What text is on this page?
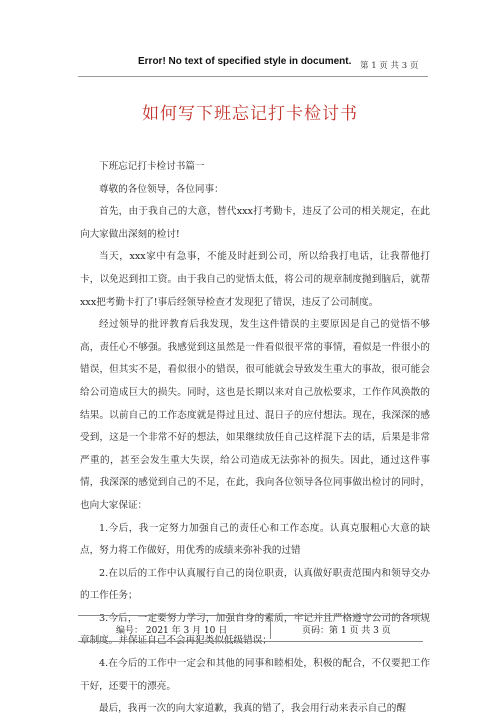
Error! No text of specified style in document.	第 1 页 共 3 页
如何写下班忘记打卡检讨书

下班忘记打卡检讨书篇一

尊敬的各位领导，各位同事：

首先，由于我自己的大意，替代xxx打考勤卡，违反了公司的相关规定，在此向大家做出深刻的检讨!

当天，xxx家中有急事，不能及时赶到公司，所以给我打电话，让我帮他打卡，以免迟到扣工资。由于我自己的觉悟太低，将公司的规章制度抛到脑后，就帮xxx把考勤卡打了!事后经领导检查才发现犯了错误，违反了公司制度。

经过领导的批评教育后我发现，发生这件错误的主要原因是自己的觉悟不够高，责任心不够强。我感觉到这虽然是一件看似很平常的事情，看似是一件很小的错误，但其实不是，看似很小的错误，很可能就会导致发生重大的事故，很可能会给公司造成巨大的损失。同时，这也是长期以来对自己放松要求，工作作风涣散的结果。以前自己的工作态度就是得过且过、混日子的应付想法。现在，我深深的感受到，这是一个非常不好的想法，如果继续放任自己这样混下去的话，后果是非常严重的，甚至会发生重大失误，给公司造成无法弥补的损失。因此，通过这件事情，我深深的感觉到自己的不足，在此，我向各位领导各位同事做出检讨的同时，也向大家保证：

1.今后，我一定努力加强自己的责任心和工作态度。认真克服粗心大意的缺点，努力将工作做好，用优秀的成绩来弥补我的过错

2.在以后的工作中认真履行自己的岗位职责，认真做好职责范围内和领导交办的工作任务；

3.今后，一定要努力学习，加强自身的素质，牢记并且严格遵守公司的各项规章制度。并保证自己不会再犯类似低级错误；

4.在今后的工作中一定会和其他的同事和睦相处，积极的配合，不仅要把工作干好，还要干的漂亮。

最后，我再一次的向大家道歉，我真的错了，我会用行动来表示自己的醒

编号： 2021 年 3 月 10 日	页码：第 1 页 共 3 页
